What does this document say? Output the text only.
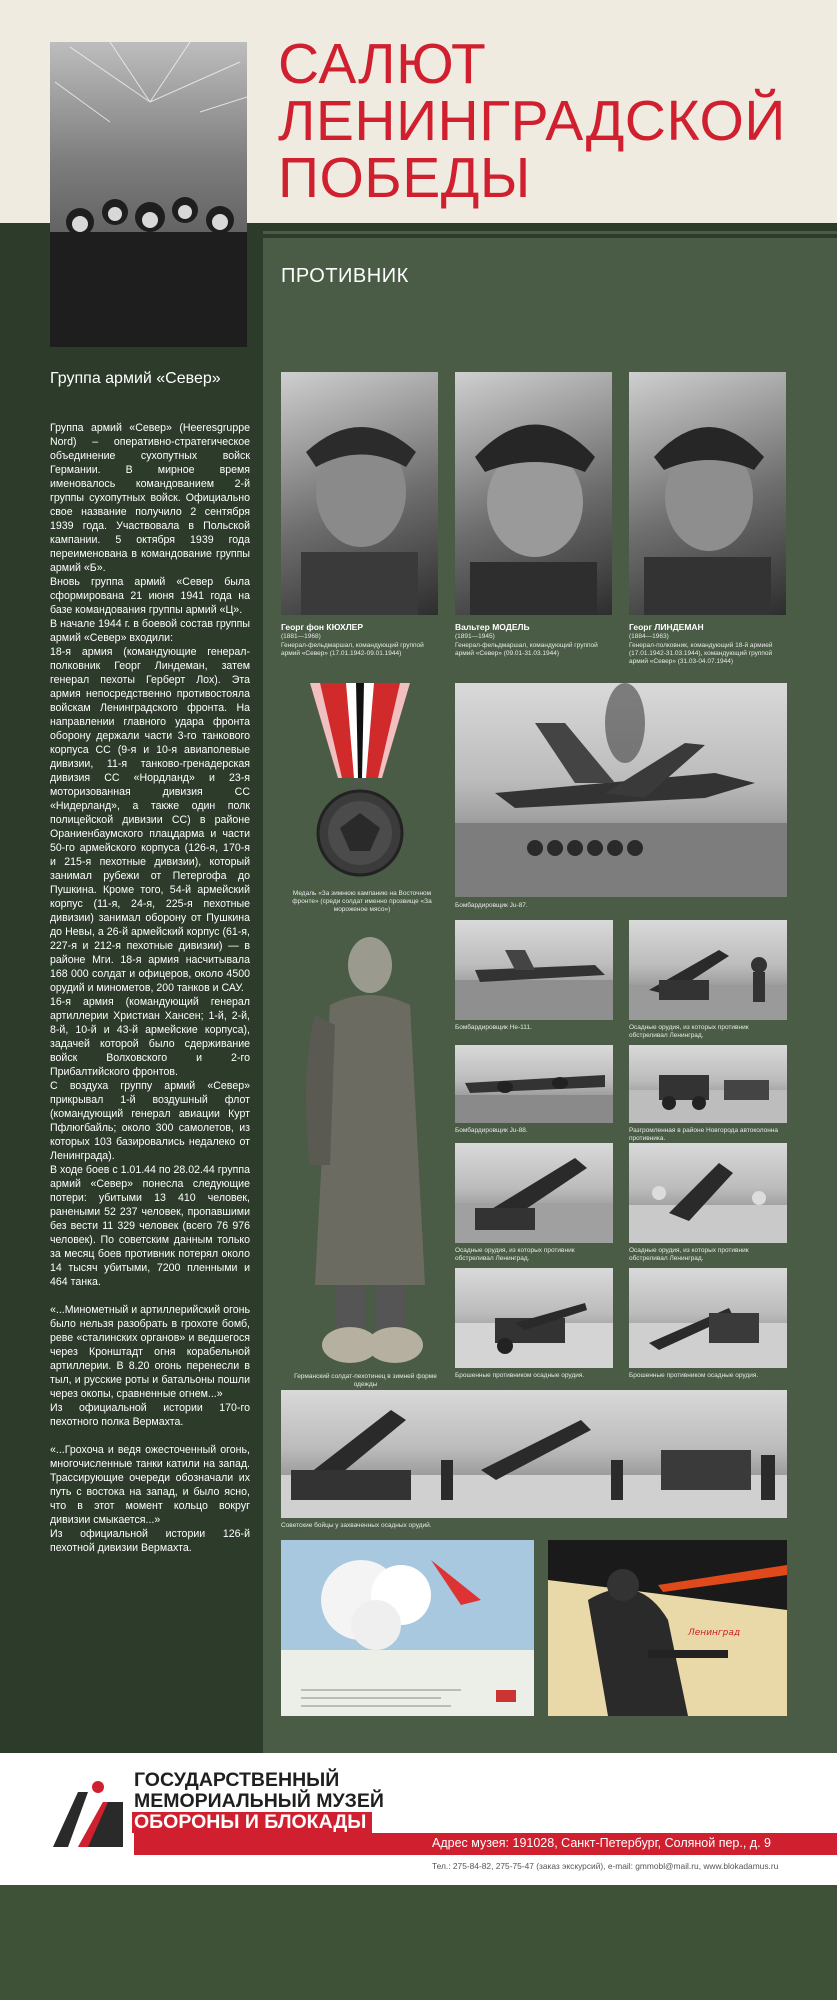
САЛЮТ
ЛЕНИНГРАДСКОЙ
ПОБЕДЫ
ПРОТИВНИК
Группа армий «Север»

Группа армий «Север» (Heeresgruppe Nord) – оперативно-стратегическое объединение сухопутных войск Германии. В мирное время именовалось командованием 2-й группы сухопутных войск. Официально свое название получило 2 сентября 1939 года. Участвовала в Польской кампании. 5 октября 1939 года переименована в командование группы армий «Б».

Вновь группа армий «Север была сформирована 21 июня 1941 года на базе командования группы армий «Ц».

В начале 1944 г. в боевой состав группы армий «Север» входили:

18-я армия (командующие генерал-полковник Георг Линдеман, затем генерал пехоты Герберт Лох). Эта армия непосредственно противостояла войскам Ленинградского фронта. На направлении главного удара фронта оборону держали части 3-го танкового корпуса СС (9-я и 10-я авиаполевые дивизии, 11-я танково-гренадерская дивизия СС «Нордланд» и 23-я моторизованная дивизия СС «Нидерланд», а также один полк полицейской дивизии СС) в районе Ораниенбаумского плацдарма и части 50-го армейского корпуса (126-я, 170-я и 215-я пехотные дивизии), который занимал рубежи от Петергофа до Пушкина. Кроме того, 54-й армейский корпус (11-я, 24-я, 225-я пехотные дивизии) занимал оборону от Пушкина до Невы, а 26-й армейский корпус (61-я, 227-я и 212-я пехотные дивизии) — в районе Мги. 18-я армия насчитывала 168 000 солдат и офицеров, около 4500 орудий и минометов, 200 танков и САУ.

16-я армия (командующий генерал артиллерии Христиан Хансен; 1-й, 2-й, 8-й, 10-й и 43-й армейские корпуса), задачей которой было сдерживание войск Волховского и 2-го Прибалтийского фронтов.

С воздуха группу армий «Север» прикрывал 1-й воздушный флот (командующий генерал авиации Курт Пфлюгбайль; около 300 самолетов, из которых 103 базировались недалеко от Ленинграда).

В ходе боев с 1.01.44 по 28.02.44 группа армий «Север» понесла следующие потери: убитыми 13 410 человек, ранеными 52 237 человек, пропавшими без вести 11 329 человек (всего 76 976 человек). По советским данным только за месяц боев противник потерял около 14 тысяч убитыми, 7200 пленными и 464 танка.

«...Минометный и артиллерийский огонь было нельзя разобрать в грохоте бомб, реве «сталинских органов» и ведшегося через Кронштадт огня корабельной артиллерии. В 8.20 огонь перенесли в тыл, и русские роты и батальоны пошли через окопы, сравненные огнем...»

Из официальной истории 170-го пехотного полка Вермахта.

«...Грохоча и ведя ожесточенный огонь, многочисленные танки катили на запад. Трассирующие очереди обозначали их путь с востока на запад, и было ясно, что в этот момент кольцо вокруг дивизии смыкается...»

Из официальной истории 126-й пехотной дивизии Вермахта.

Георг фон КЮХЛЕР
(1881—1968)
Генерал-фельдмаршал, командующий группой армий «Север» (17.01.1942-09.01.1944)
Вальтер МОДЕЛЬ
(1891—1945)
Генерал-фельдмаршал, командующий группой армий «Север» (09.01-31.03.1944)
Георг ЛИНДЕМАН
(1884—1963)
Генерал-полковник, командующий 18-й армией (17.01.1942-31.03.1944), командующий группой армий «Север» (31.03-04.07.1944)
Медаль «За зимнюю кампанию на Восточном фронте» (среди солдат именно прозвище «За мороженое мясо»)
Бомбардировщик Ju-87.
Германский солдат-пехотинец в зимней форме одежды
Бомбардировщик He-111.	Осадные орудия, из которых противник обстреливал Ленинград.
Бомбардировщик Ju-88.	Разгромленная в районе Новгорода автоколонна противника.
Осадные орудия, из которых противник обстреливал Ленинград.
Осадные орудия, из которых противник обстреливал Ленинград.
Брошенные противником осадные орудия.	Брошенные противником осадные орудия.
Советские бойцы у захваченных осадных орудий.
Ленинград
ГОСУДАРСТВЕННЫЙ
МЕМОРИАЛЬНЫЙ МУЗЕЙ
ОБОРОНЫ И БЛОКАДЫ
Адрес музея: 191028, Санкт-Петербург, Соляной пер., д. 9
Тел.: 275-84-82, 275-75-47 (заказ экскурсий), e-mail: gmmobl@mail.ru, www.blokadamus.ru
